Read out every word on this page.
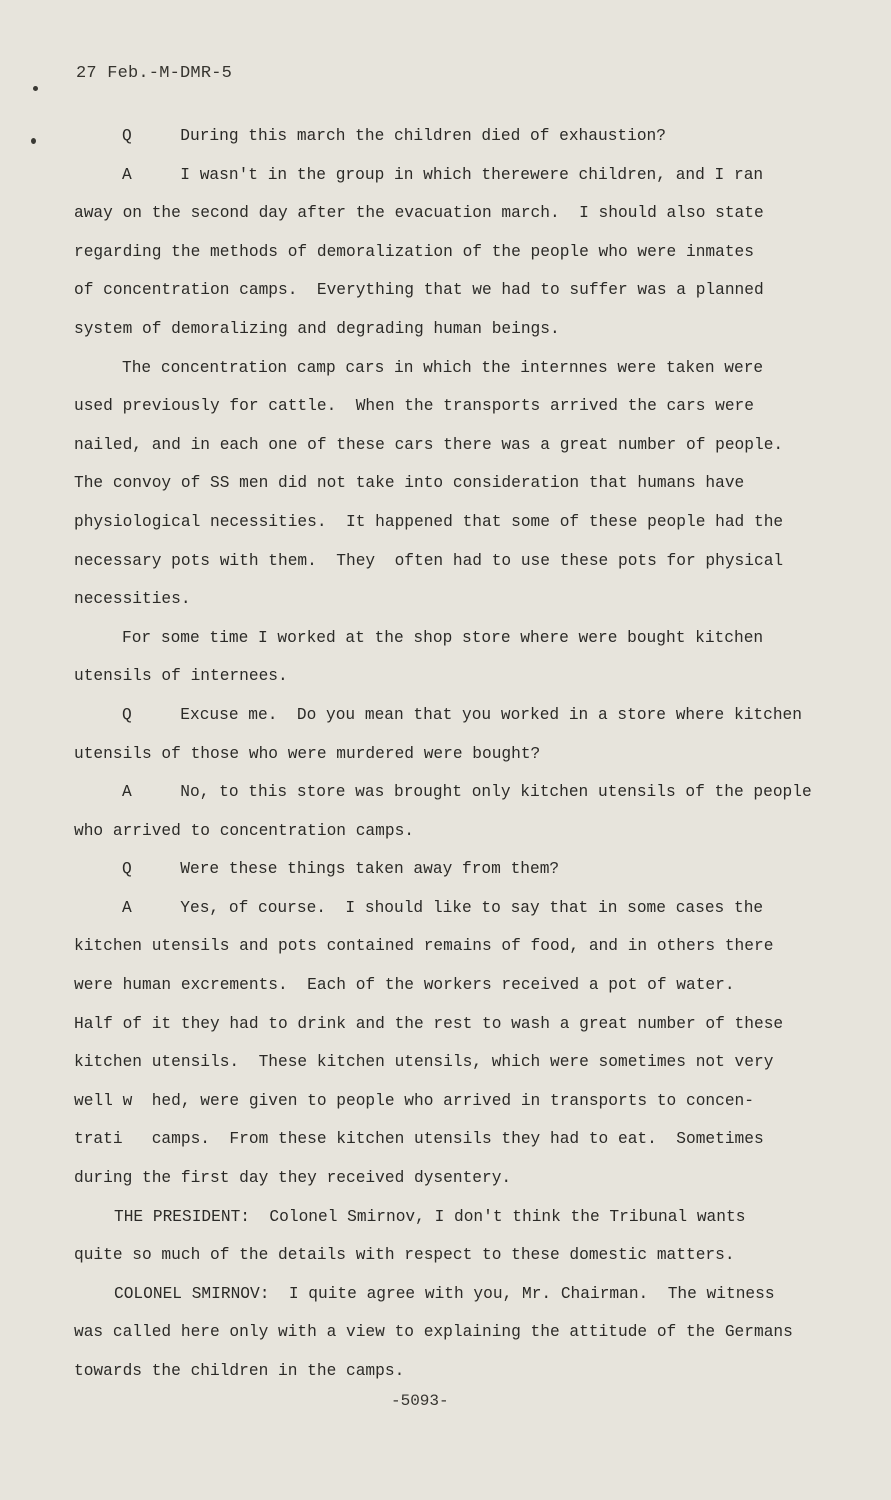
27 Feb.-M-DMR-5

Q     During this march the children died of exhaustion?

A     I wasn't in the group in which therewere children, and I ran

away on the second day after the evacuation march.  I should also state

regarding the methods of demoralization of the people who were inmates

of concentration camps.  Everything that we had to suffer was a planned

system of demoralizing and degrading human beings.

The concentration camp cars in which the internnes were taken were

used previously for cattle.  When the transports arrived the cars were

nailed, and in each one of these cars there was a great number of people.

The convoy of SS men did not take into consideration that humans have

physiological necessities.  It happened that some of these people had the

necessary pots with them.  They  often had to use these pots for physical

necessities.

For some time I worked at the shop store where were bought kitchen

utensils of internees.

Q     Excuse me.  Do you mean that you worked in a store where kitchen

utensils of those who were murdered were bought?

A     No, to this store was brought only kitchen utensils of the people

who arrived to concentration camps.

Q     Were these things taken away from them?

A     Yes, of course.  I should like to say that in some cases the

kitchen utensils and pots contained remains of food, and in others there

were human excrements.  Each of the workers received a pot of water.

Half of it they had to drink and the rest to wash a great number of these

kitchen utensils.  These kitchen utensils, which were sometimes not very

well w  hed, were given to people who arrived in transports to concen-

trati   camps.  From these kitchen utensils they had to eat.  Sometimes

during the first day they received dysentery.

THE PRESIDENT:  Colonel Smirnov, I don't think the Tribunal wants

quite so much of the details with respect to these domestic matters.

COLONEL SMIRNOV:  I quite agree with you, Mr. Chairman.  The witness

was called here only with a view to explaining the attitude of the Germans

towards the children in the camps.

-5093-
